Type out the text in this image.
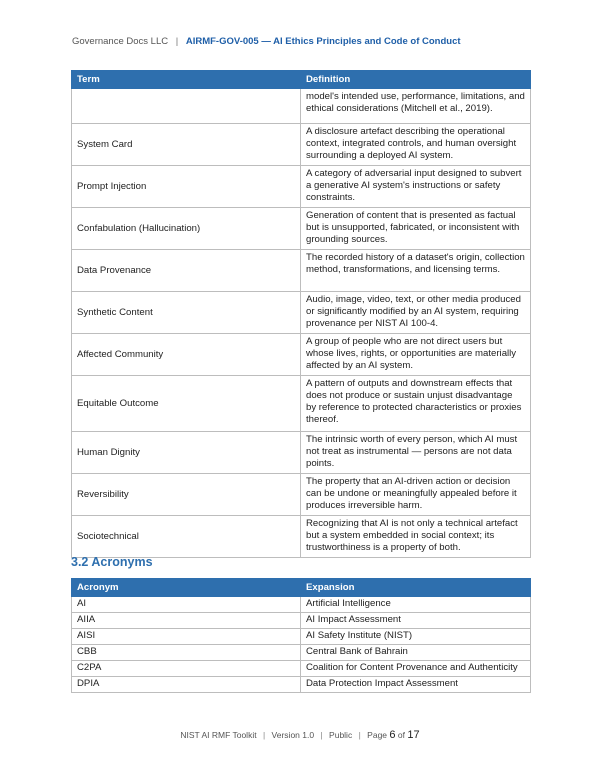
Governance Docs LLC | AIRMF-GOV-005 — AI Ethics Principles and Code of Conduct
Term	Definition
	model's intended use, performance, limitations, and ethical considerations (Mitchell et al., 2019).
System Card	A disclosure artefact describing the operational context, integrated controls, and human oversight surrounding a deployed AI system.
Prompt Injection	A category of adversarial input designed to subvert a generative AI system's instructions or safety constraints.
Confabulation (Hallucination)	Generation of content that is presented as factual but is unsupported, fabricated, or inconsistent with grounding sources.
Data Provenance	The recorded history of a dataset's origin, collection method, transformations, and licensing terms.
Synthetic Content	Audio, image, video, text, or other media produced or significantly modified by an AI system, requiring provenance per NIST AI 100-4.
Affected Community	A group of people who are not direct users but whose lives, rights, or opportunities are materially affected by an AI system.
Equitable Outcome	A pattern of outputs and downstream effects that does not produce or sustain unjust disadvantage by reference to protected characteristics or proxies thereof.
Human Dignity	The intrinsic worth of every person, which AI must not treat as instrumental — persons are not data points.
Reversibility	The property that an AI-driven action or decision can be undone or meaningfully appealed before it produces irreversible harm.
Sociotechnical	Recognizing that AI is not only a technical artefact but a system embedded in social context; its trustworthiness is a property of both.
3.2 Acronyms
Acronym	Expansion
AI	Artificial Intelligence
AIIA	AI Impact Assessment
AISI	AI Safety Institute (NIST)
CBB	Central Bank of Bahrain
C2PA	Coalition for Content Provenance and Authenticity
DPIA	Data Protection Impact Assessment
NIST AI RMF Toolkit | Version 1.0 | Public | Page 6 of 17
